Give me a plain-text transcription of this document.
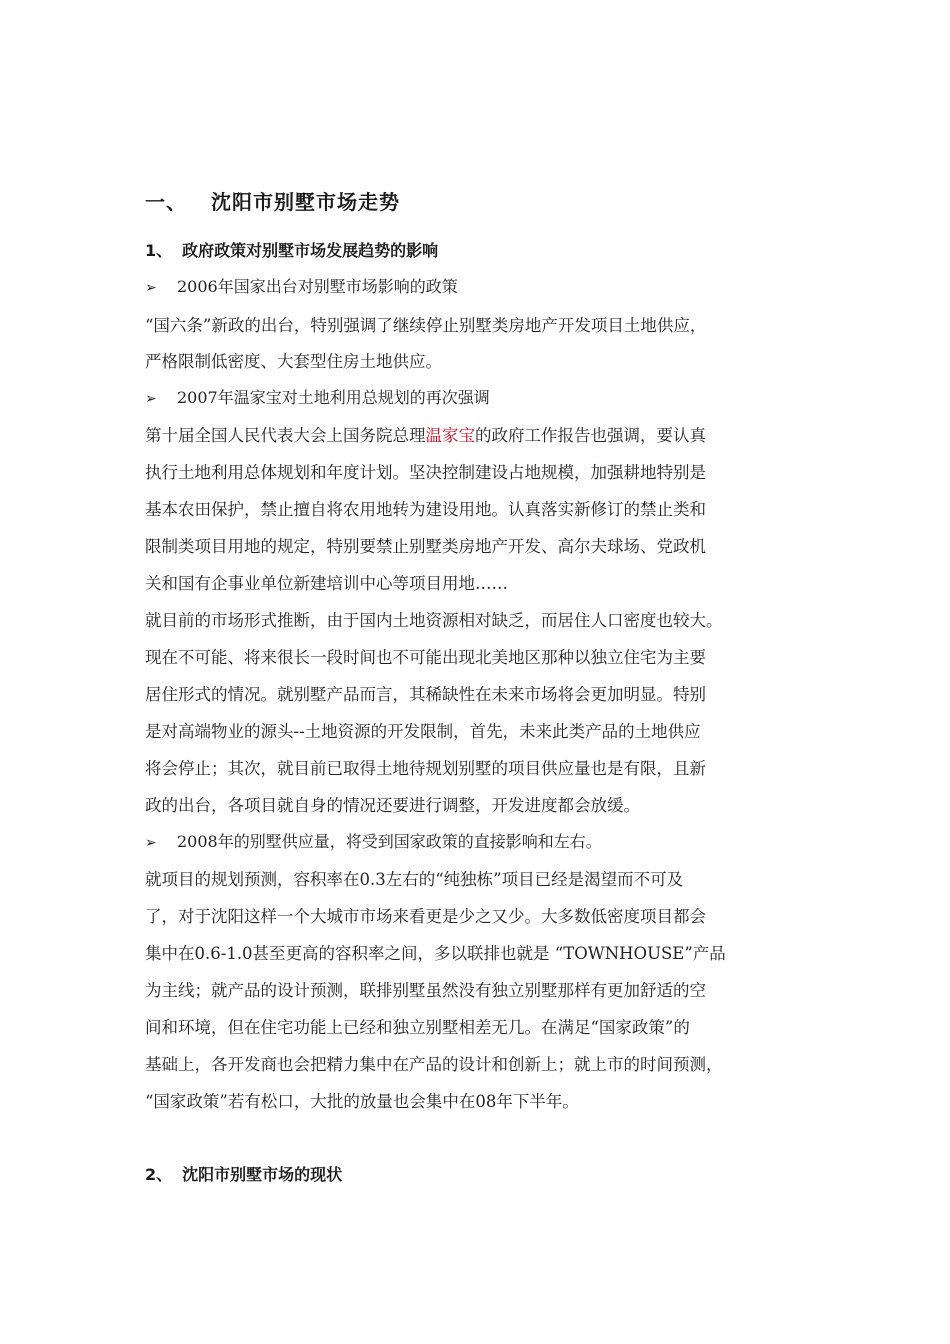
一、 沈阳市别墅市场走势
1、 政府政策对别墅市场发展趋势的影响
➢ 2006年国家出台对别墅市场影响的政策
“国六条”新政的出台，特别强调了继续停止别墅类房地产开发项目土地供应，
严格限制低密度、大套型住房土地供应。
➢ 2007年温家宝对土地利用总规划的再次强调
第十届全国人民代表大会上国务院总理温家宝的政府工作报告也强调，要认真
执行土地利用总体规划和年度计划。坚决控制建设占地规模，加强耕地特别是
基本农田保护，禁止擅自将农用地转为建设用地。认真落实新修订的禁止类和
限制类项目用地的规定，特别要禁止别墅类房地产开发、高尔夫球场、党政机
关和国有企事业单位新建培训中心等项目用地……
就目前的市场形式推断，由于国内土地资源相对缺乏，而居住人口密度也较大。
现在不可能、将来很长一段时间也不可能出现北美地区那种以独立住宅为主要
居住形式的情况。就别墅产品而言，其稀缺性在未来市场将会更加明显。特别
是对高端物业的源头--土地资源的开发限制，首先，未来此类产品的土地供应
将会停止；其次，就目前已取得土地待规划别墅的项目供应量也是有限，且新
政的出台，各项目就自身的情况还要进行调整，开发进度都会放缓。
➢ 2008年的别墅供应量，将受到国家政策的直接影响和左右。
就项目的规划预测，容积率在0.3左右的“纯独栋”项目已经是渴望而不可及
了，对于沈阳这样一个大城市市场来看更是少之又少。大多数低密度项目都会
集中在0.6-1.0甚至更高的容积率之间，多以联排也就是 “TOWNHOUSE”产品
为主线；就产品的设计预测，联排别墅虽然没有独立别墅那样有更加舒适的空
间和环境，但在住宅功能上已经和独立别墅相差无几。在满足“国家政策”的
基础上，各开发商也会把精力集中在产品的设计和创新上；就上市的时间预测，
“国家政策”若有松口，大批的放量也会集中在08年下半年。
2、 沈阳市别墅市场的现状
